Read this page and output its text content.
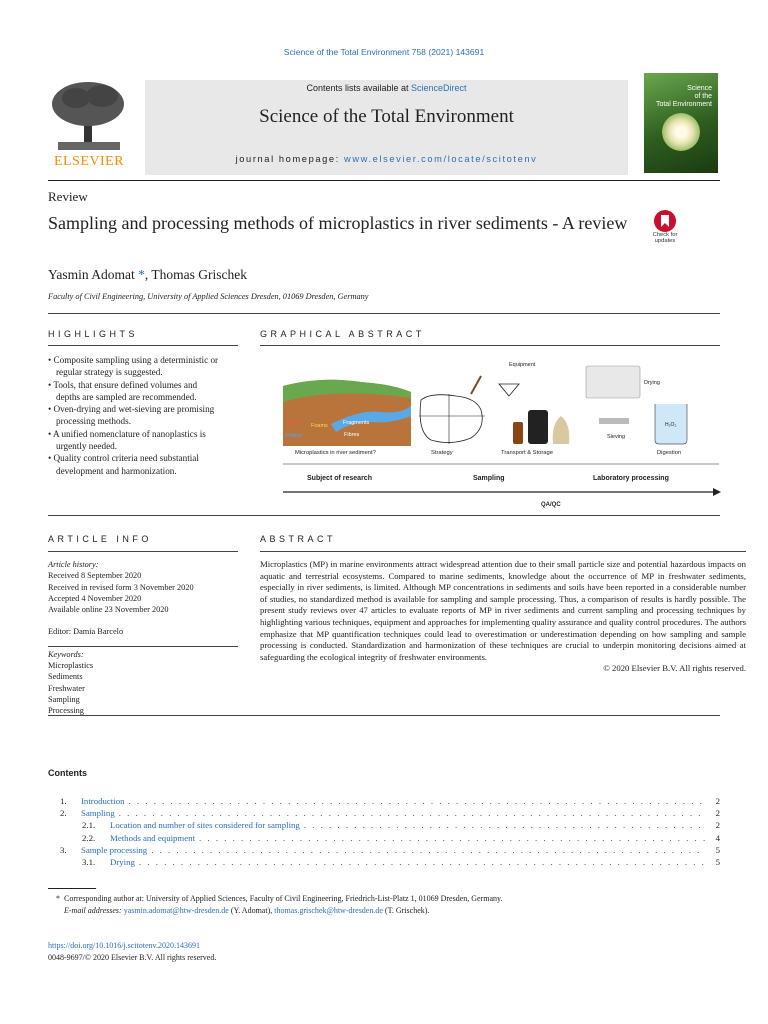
Science of the Total Environment 758 (2021) 143691
ELSEVIER
Contents lists available at ScienceDirect
Science of the Total Environment
journal homepage: www.elsevier.com/locate/scitotenv
Science
of the
Total Environment
Review
Sampling and processing methods of microplastics in river sediments - A review
Check for
updates
Yasmin Adomat *, Thomas Grischek
Faculty of Civil Engineering, University of Applied Sciences Dresden, 01069 Dresden, Germany
HIGHLIGHTS
• Composite sampling using a deterministic or regular strategy is suggested.
• Tools, that ensure defined volumes and depths are sampled are recommended.
• Oven-drying and wet-sieving are promising processing methods.
• A unified nomenclature of nanoplastics is urgently needed.
• Quality control criteria need substantial development and harmonization.
GRAPHICAL ABSTRACT
Films Foams	Fragments
Pellets	Fibres
Equipment
Drying
Sieving
H₂O₂
Microplastics in river sediment?	Strategy	Transport & Storage	Digestion
Subject of research	Sampling	Laboratory processing
QA/QC
ARTICLE INFO
Article history:
Received 8 September 2020
Received in revised form 3 November 2020
Accepted 4 November 2020
Available online 23 November 2020
Editor: Damia Barcelo
Keywords:
Microplastics
Sediments
Freshwater
Sampling
Processing
ABSTRACT
Microplastics (MP) in marine environments attract widespread attention due to their small particle size and potential hazardous impacts on aquatic and terrestrial ecosystems. Compared to marine sediments, knowledge about the occurrence of MP in freshwater sediments, especially in river sediments, is limited. Although MP concentrations in sediments and soils have been reported in a considerable number of studies, no standardized method is available for sampling and sample processing. Thus, a comparison of results is hardly possible. The present study reviews over 47 articles to evaluate reports of MP in river sediments and current sampling and processing techniques by highlighting various techniques, equipment and approaches for implementing quality assurance and quality control procedures. The authors emphasize that MP quantification techniques could lead to overestimation or underestimation depending on how sampling and sample processing is conducted. Standardization and harmonization of these techniques are crucial to underpin monitoring decisions aimed at safeguarding the ecological integrity of freshwater environments.
© 2020 Elsevier B.V. All rights reserved.
Contents
1.	Introduction . . .	2
2.	Sampling . . .	2
2.1.	Location and number of sites considered for sampling . . .	2
2.2.	Methods and equipment . . .	4
3.	Sample processing . . .	5
3.1.	Drying . . .	5
* Corresponding author at: University of Applied Sciences, Faculty of Civil Engineering, Friedrich-List-Platz 1, 01069 Dresden, Germany.
E-mail addresses: yasmin.adomat@htw-dresden.de (Y. Adomat), thomas.grischek@htw-dresden.de (T. Grischek).
https://doi.org/10.1016/j.scitotenv.2020.143691
0048-9697/© 2020 Elsevier B.V. All rights reserved.
